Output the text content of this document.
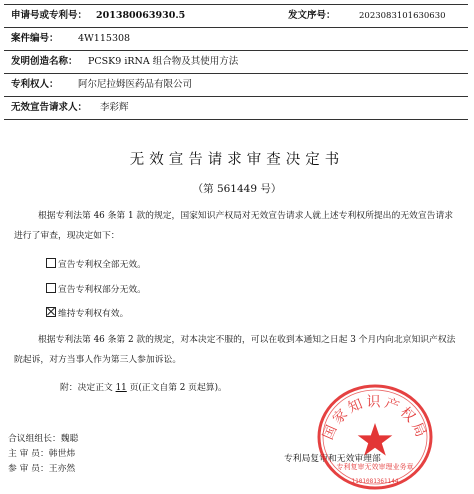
申请号或专利号： 201380063930.5	发文序号：	2023083101630630
案件编号： 4W115308
发明创造名称： PCSK9 iRNA 组合物及其使用方法
专利权人： 阿尔尼拉姆医药品有限公司
无效宣告请求人： 李彩辉
无效宣告请求审查决定书
（第 561449 号）
根据专利法第 46 条第 1 款的规定，国家知识产权局对无效宣告请求人就上述专利权所提出的无效宣告请求进行了审查，现决定如下：
宣告专利权全部无效。
宣告专利权部分无效。
维持专利权有效。
根据专利法第 46 条第 2 款的规定，对本决定不服的，可以在收到本通知之日起 3 个月内向北京知识产权法院起诉，对方当事人作为第三人参加诉讼。
附：决定正文 11 页(正文自第 2 页起算)。
合议组组长：魏聪
主 审 员：韩世炜
参 审 员：王亦然
专利局复审和无效审理部
国家知识产权局
专利复审无效审理业务章
1101081361144
